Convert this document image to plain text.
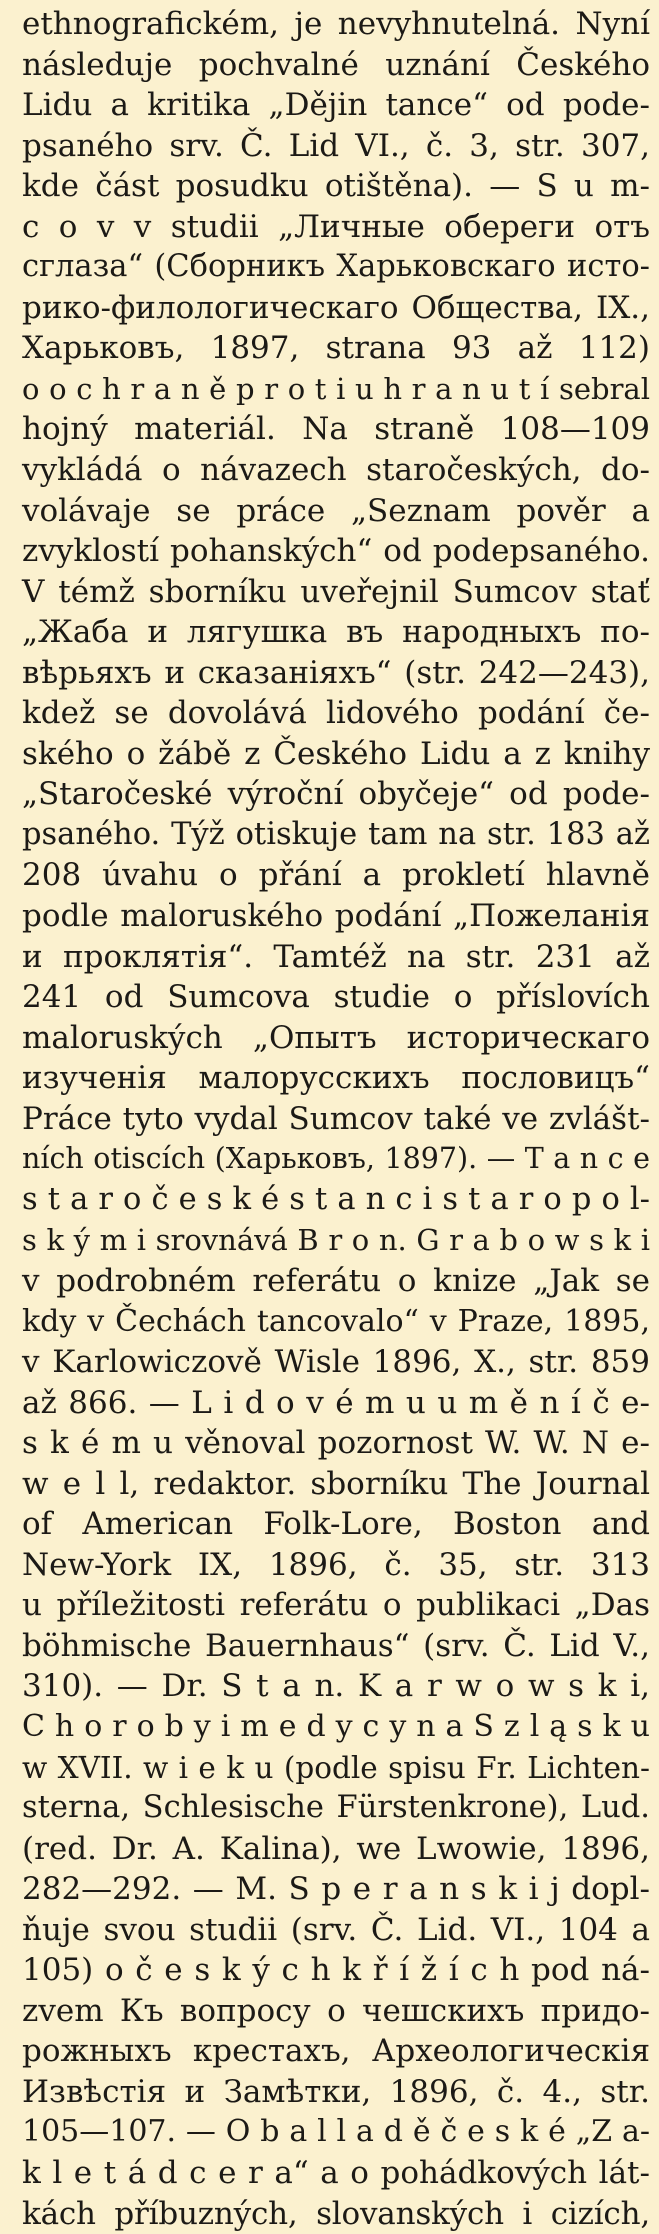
ethnografickém, je nevyhnutelná. Nyní
následuje pochvalné uznání Českého
Lidu a kritika „Dějin tance“ od pode-
psaného srv. Č. Lid VI., č. 3, str. 307,
kde část posudku otištěna). — S u m-
c o v v studii „Личные обереги отъ
сглаза“ (Сборникъ Харьковскаго исто-
рико-филологическаго Общества, IX.,
Харьковъ, 1897, strana 93 až 112)
o o c h r a n ě p r o t i u h r a n u t í sebral
hojný materiál. Na straně 108—109
vykládá o návazech staročeských, do-
volávaje se práce „Seznam pověr a
zvyklostí pohanských“ od podepsaného.
V témž sborníku uveřejnil Sumcov stať
„Жаба и лягушка въ народныхъ по-
вѣрьяхъ и сказаніяхъ“ (str. 242—243),
kdež se dovolává lidového podání če-
ského o žábě z Českého Lidu a z knihy
„Staročeské výroční obyčeje“ od pode-
psaného. Týž otiskuje tam na str. 183 až
208 úvahu o přání a prokletí hlavně
podle maloruského podání „Пожеланія
и проклятія“. Tamtéž na str. 231 až
241 od Sumcova studie o příslovích
maloruských „Опытъ историческаго
изученія малорусскихъ пословицъ“
Práce tyto vydal Sumcov také ve zvlášt-
ních otiscích (Харьковъ, 1897). — T a n c e
s t a r o č e s k é s t a n c i s t a r o p o l-
s k ý m i srovnává B r o n. G r a b o w s k i
v podrobném referátu o knize „Jak se
kdy v Čechách tancovalo“ v Praze, 1895,
v Karlowiczově Wisle 1896, X., str. 859
až 866. — L i d o v é m u u m ě n í č e-
s k é m u věnoval pozornost W. W. N e-
w e l l, redaktor. sborníku The Journal
of American Folk-Lore, Boston and
New-York IX, 1896, č. 35, str. 313
u příležitosti referátu o publikaci „Das
böhmische Bauernhaus“ (srv. Č. Lid V.,
310). — Dr. S t a n. K a r w o w s k i,
C h o r o b y i m e d y c y n a S z l ą s k u
w XVII. w i e k u (podle spisu Fr. Lichten-
sterna, Schlesische Fürstenkrone), Lud.
(red. Dr. A. Kalina), we Lwowie, 1896,
282—292. — M. S p e r a n s k i j dopl-
ňuje svou studii (srv. Č. Lid. VI., 104 a
105) o č e s k ý c h k ř í ž í c h pod ná-
zvem Къ вопросу о чешскихъ придо-
рожныхъ крестахъ, Археологическія
Извѣстія и Замѣтки, 1896, č. 4., str.
105—107. — O b a l l a d ě č e s k é „Z a-
k l e t á d c e r a“ a o pohádkových lát-
kách příbuzných, slovanských i cizích,
